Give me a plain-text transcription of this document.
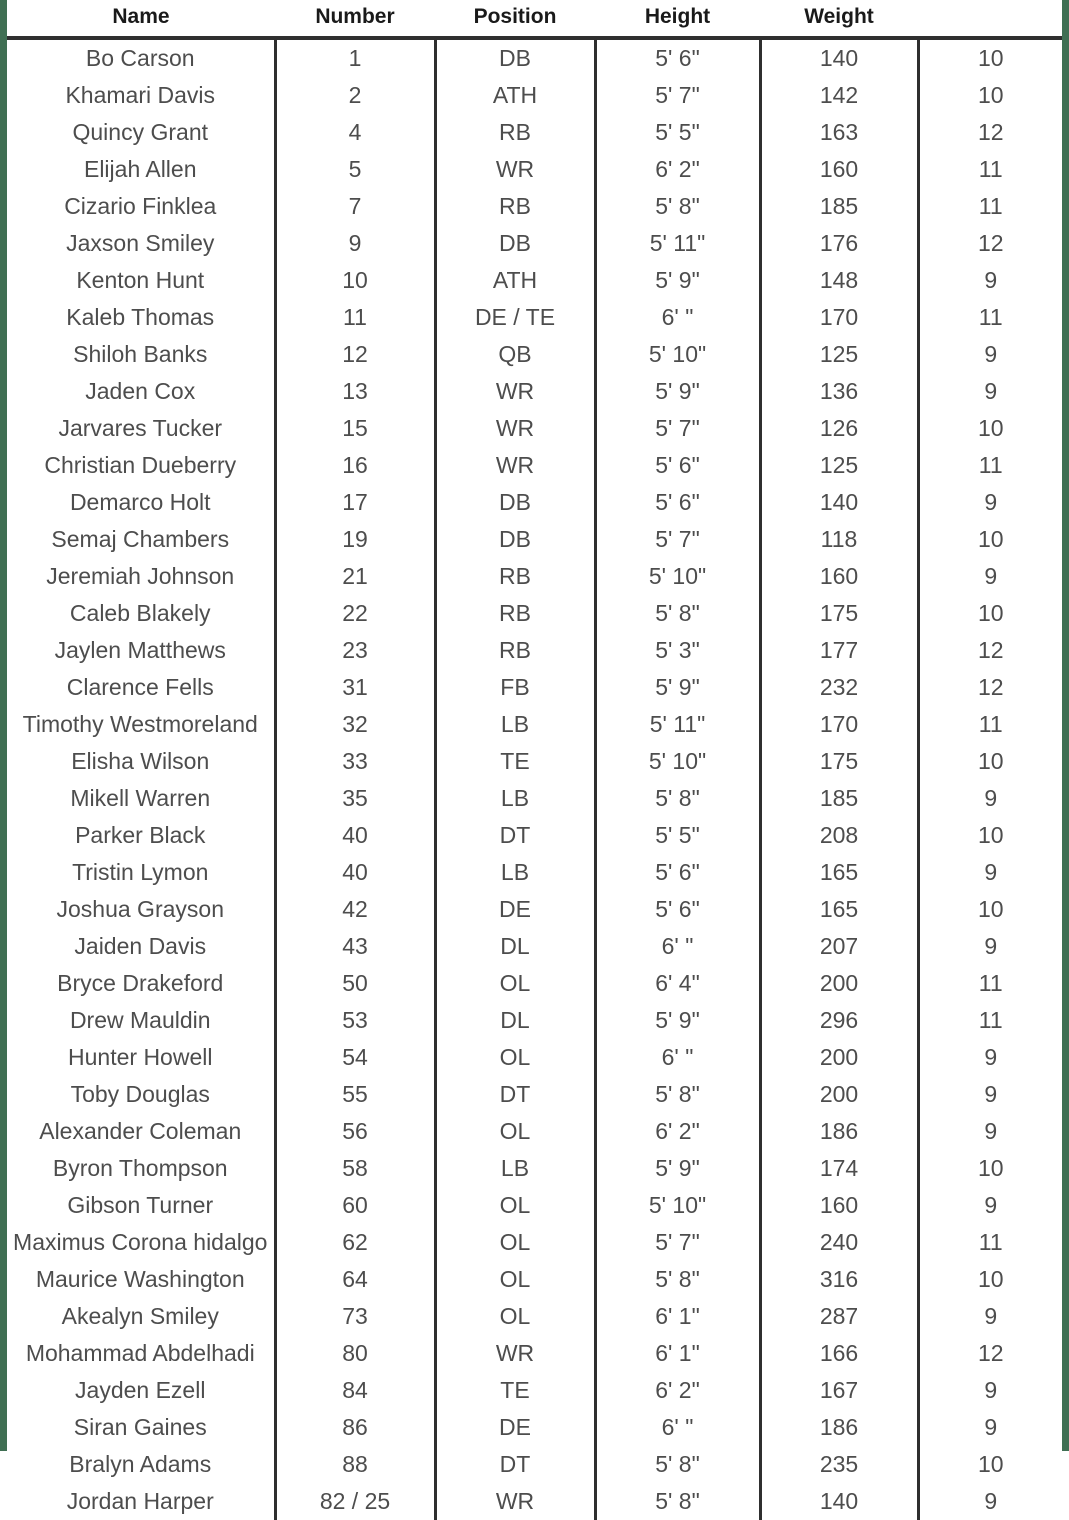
Name	Number	Position	Height	Weight	
Bo Carson	1	DB	5' 6"	140	10
Khamari Davis	2	ATH	5' 7"	142	10
Quincy Grant	4	RB	5' 5"	163	12
Elijah Allen	5	WR	6' 2"	160	11
Cizario Finklea	7	RB	5' 8"	185	11
Jaxson Smiley	9	DB	5' 11"	176	12
Kenton Hunt	10	ATH	5' 9"	148	9
Kaleb Thomas	11	DE / TE	6' "	170	11
Shiloh Banks	12	QB	5' 10"	125	9
Jaden Cox	13	WR	5' 9"	136	9
Jarvares Tucker	15	WR	5' 7"	126	10
Christian Dueberry	16	WR	5' 6"	125	11
Demarco Holt	17	DB	5' 6"	140	9
Semaj Chambers	19	DB	5' 7"	118	10
Jeremiah Johnson	21	RB	5' 10"	160	9
Caleb Blakely	22	RB	5' 8"	175	10
Jaylen Matthews	23	RB	5' 3"	177	12
Clarence Fells	31	FB	5' 9"	232	12
Timothy Westmoreland	32	LB	5' 11"	170	11
Elisha Wilson	33	TE	5' 10"	175	10
Mikell Warren	35	LB	5' 8"	185	9
Parker Black	40	DT	5' 5"	208	10
Tristin Lymon	40	LB	5' 6"	165	9
Joshua Grayson	42	DE	5' 6"	165	10
Jaiden Davis	43	DL	6' "	207	9
Bryce Drakeford	50	OL	6' 4"	200	11
Drew Mauldin	53	DL	5' 9"	296	11
Hunter Howell	54	OL	6' "	200	9
Toby Douglas	55	DT	5' 8"	200	9
Alexander Coleman	56	OL	6' 2"	186	9
Byron Thompson	58	LB	5' 9"	174	10
Gibson Turner	60	OL	5' 10"	160	9
Maximus Corona hidalgo	62	OL	5' 7"	240	11
Maurice Washington	64	OL	5' 8"	316	10
Akealyn Smiley	73	OL	6' 1"	287	9
Mohammad Abdelhadi	80	WR	6' 1"	166	12
Jayden Ezell	84	TE	6' 2"	167	9
Siran Gaines	86	DE	6' "	186	9
Bralyn Adams	88	DT	5' 8"	235	10
Jordan Harper	82 / 25	WR	5' 8"	140	9
